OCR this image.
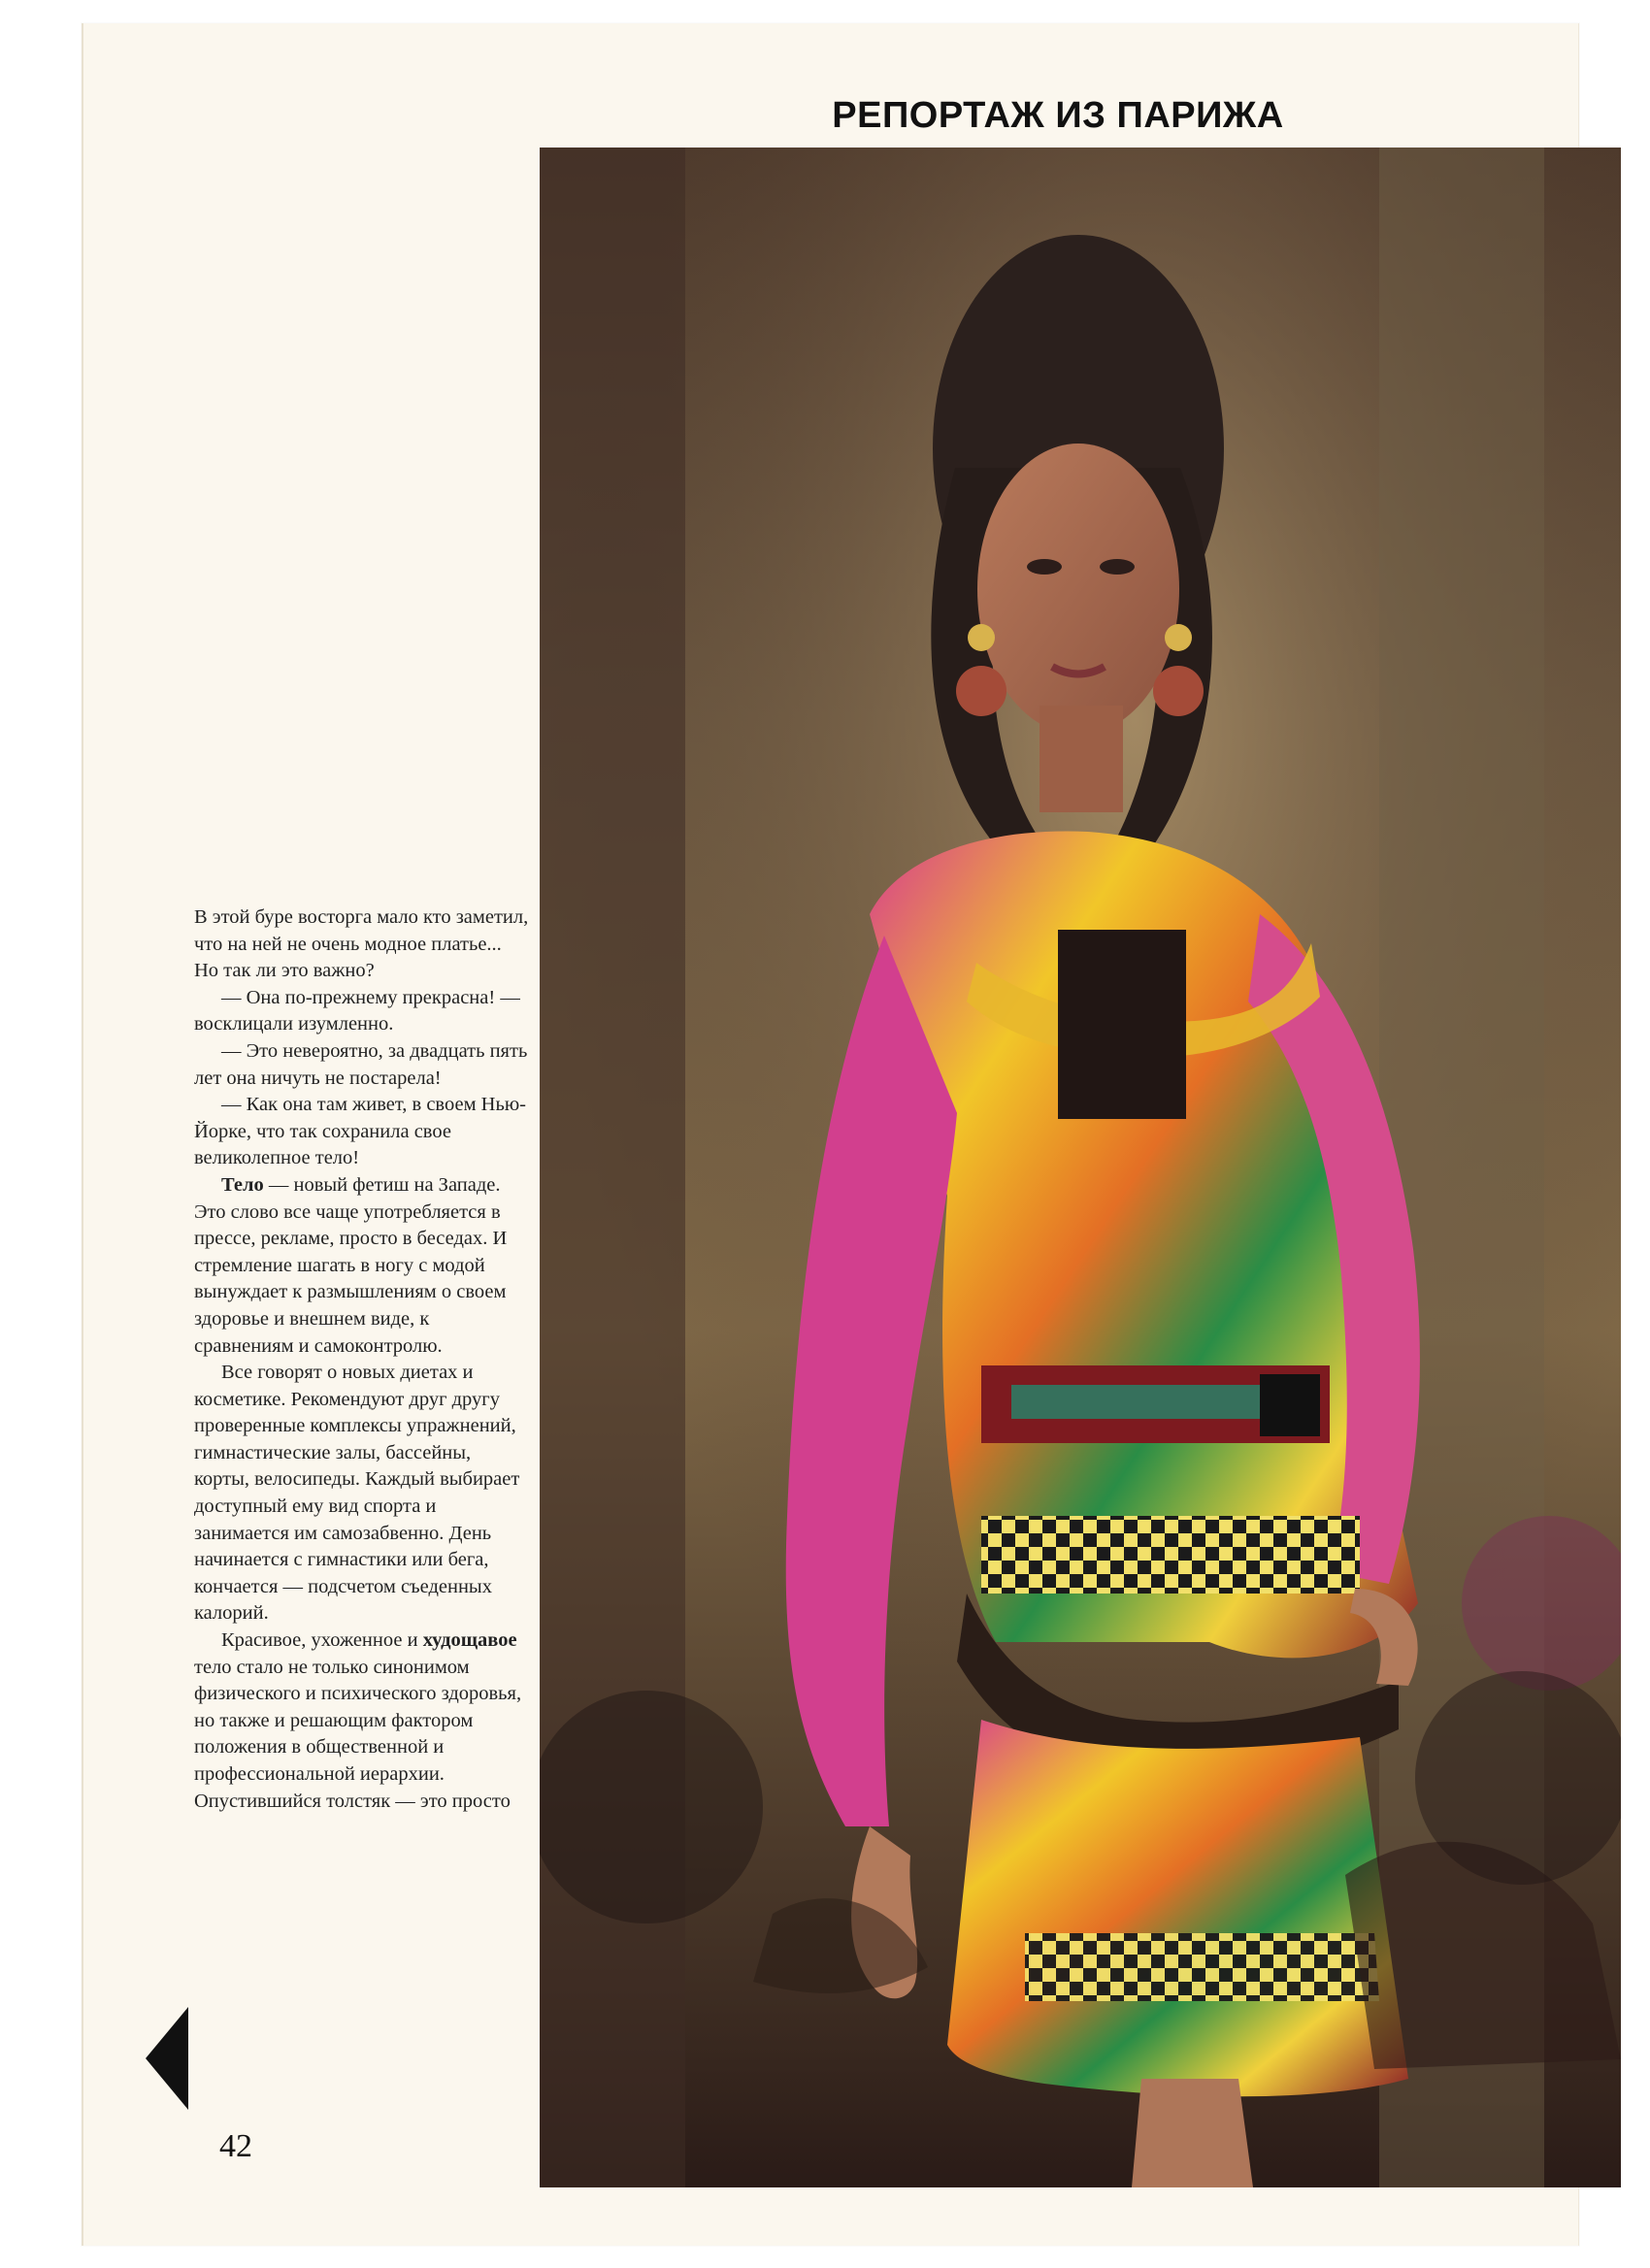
РЕПОРТАЖ ИЗ ПАРИЖА

В этой буре восторга мало кто заметил, что на ней не очень модное платье... Но так ли это важно?

— Она по-прежнему прекрасна! — восклицали изумленно.

— Это невероятно, за двадцать пять лет она ничуть не постарела!

— Как она там живет, в своем Нью-Йорке, что так сохранила свое великолепное тело!

Тело — новый фетиш на Западе. Это слово все чаще употребляется в прессе, рекламе, просто в беседах. И стремление шагать в ногу с модой вынуждает к размышлениям о своем здоровье и внешнем виде, к сравнениям и самоконтролю.

Все говорят о новых диетах и косметике. Рекомендуют друг другу проверенные комплексы упражнений, гимнастические залы, бассейны, корты, велосипеды. Каждый выбирает доступный ему вид спорта и занимается им самозабвенно. День начинается с гимнастики или бега, кончается — подсчетом съеденных калорий.

Красивое, ухоженное и худощавое тело стало не только синонимом физического и психического здоровья, но также и решающим фактором положения в общественной и профессиональной иерархии. Опустившийся толстяк — это просто

42
